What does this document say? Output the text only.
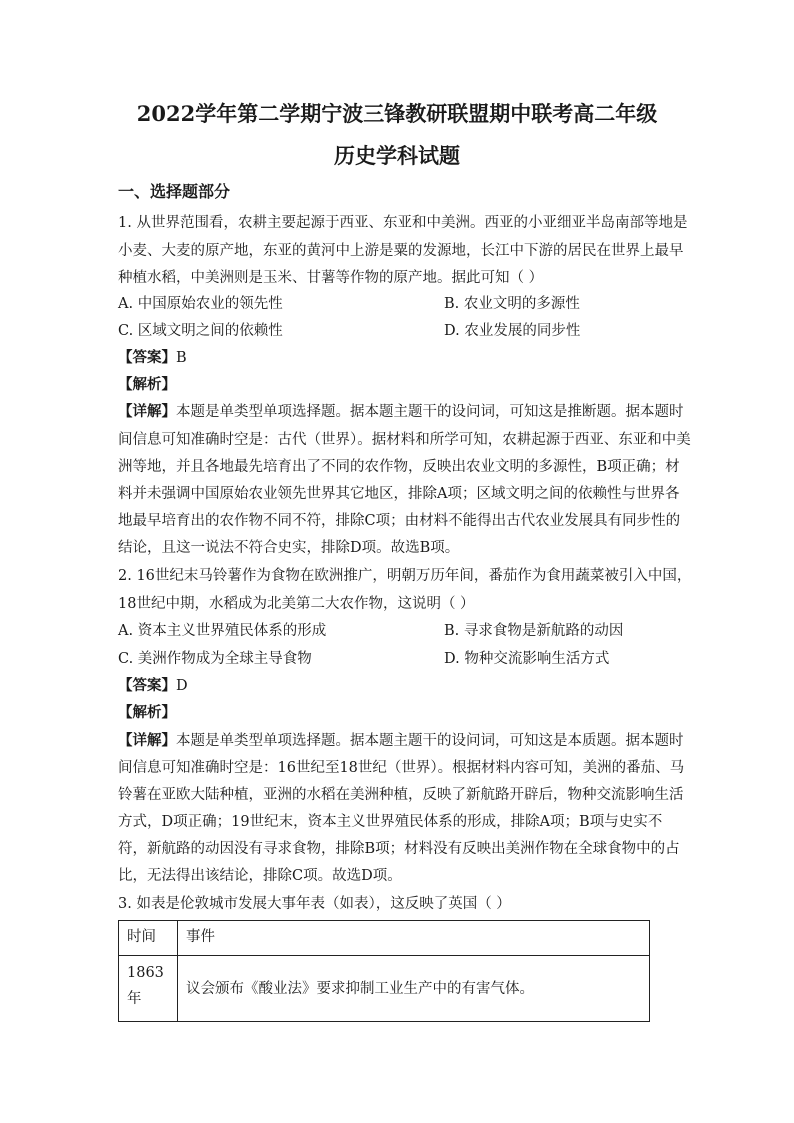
2022学年第二学期宁波三锋教研联盟期中联考高二年级
历史学科试题
一、选择题部分
1. 从世界范围看，农耕主要起源于西亚、东亚和中美洲。西亚的小亚细亚半岛南部等地是
小麦、大麦的原产地，东亚的黄河中上游是粟的发源地，长江中下游的居民在世界上最早
种植水稻，中美洲则是玉米、甘薯等作物的原产地。据此可知（ ）
A. 中国原始农业的领先性	B. 农业文明的多源性
C. 区域文明之间的依赖性	D. 农业发展的同步性
【答案】B
【解析】
【详解】本题是单类型单项选择题。据本题主题干的设问词，可知这是推断题。据本题时
间信息可知准确时空是：古代（世界）。据材料和所学可知，农耕起源于西亚、东亚和中美
洲等地，并且各地最先培育出了不同的农作物，反映出农业文明的多源性，B项正确；材
料并未强调中国原始农业领先世界其它地区，排除A项；区域文明之间的依赖性与世界各
地最早培育出的农作物不同不符，排除C项；由材料不能得出古代农业发展具有同步性的
结论，且这一说法不符合史实，排除D项。故选B项。
2. 16世纪末马铃薯作为食物在欧洲推广，明朝万历年间，番茄作为食用蔬菜被引入中国，
18世纪中期，水稻成为北美第二大农作物，这说明（ ）
A. 资本主义世界殖民体系的形成	B. 寻求食物是新航路的动因
C. 美洲作物成为全球主导食物	D. 物种交流影响生活方式
【答案】D
【解析】
【详解】本题是单类型单项选择题。据本题主题干的设问词，可知这是本质题。据本题时
间信息可知准确时空是：16世纪至18世纪（世界）。根据材料内容可知，美洲的番茄、马
铃薯在亚欧大陆种植，亚洲的水稻在美洲种植，反映了新航路开辟后，物种交流影响生活
方式，D项正确；19世纪末，资本主义世界殖民体系的形成，排除A项；B项与史实不
符，新航路的动因没有寻求食物，排除B项；材料没有反映出美洲作物在全球食物中的占
比，无法得出该结论，排除C项。故选D项。
3. 如表是伦敦城市发展大事年表（如表），这反映了英国（ ）
时间	事件
1863年	议会颁布《酸业法》要求抑制工业生产中的有害气体。
